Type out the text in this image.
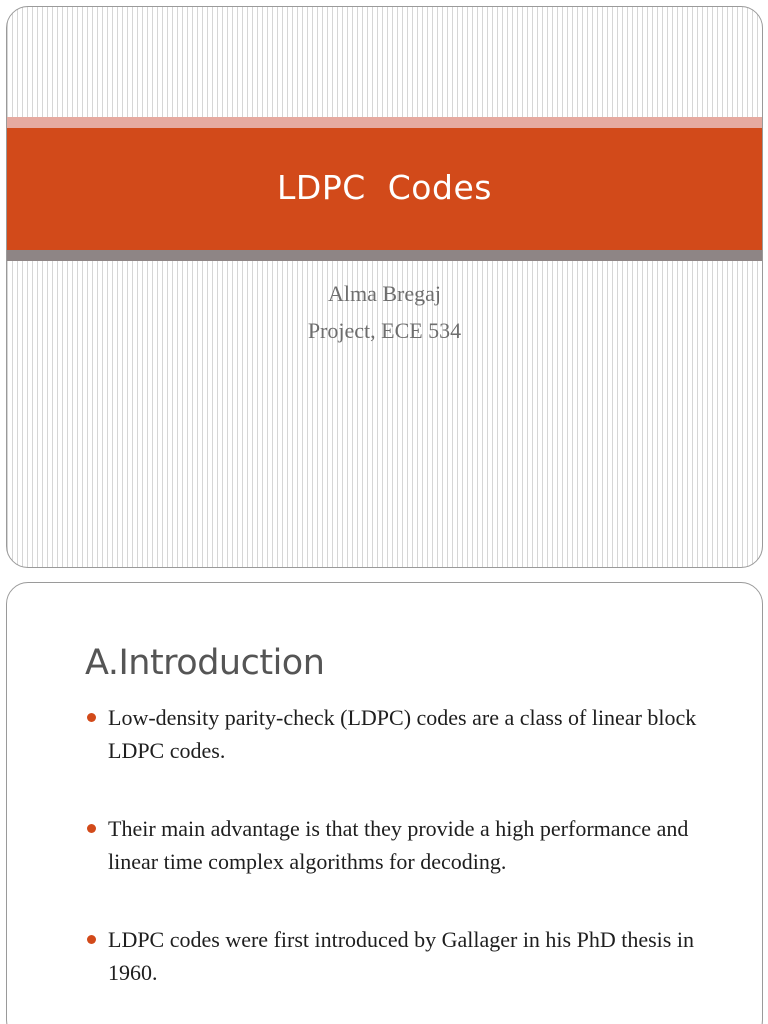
LDPC  Codes
Alma Bregaj
Project, ECE 534
A.Introduction
Low-density parity-check (LDPC) codes are a class of linear block LDPC codes.
Their main advantage is that they provide a high performance and linear time complex algorithms for decoding.
LDPC codes were first introduced by Gallager in his PhD thesis in 1960.
